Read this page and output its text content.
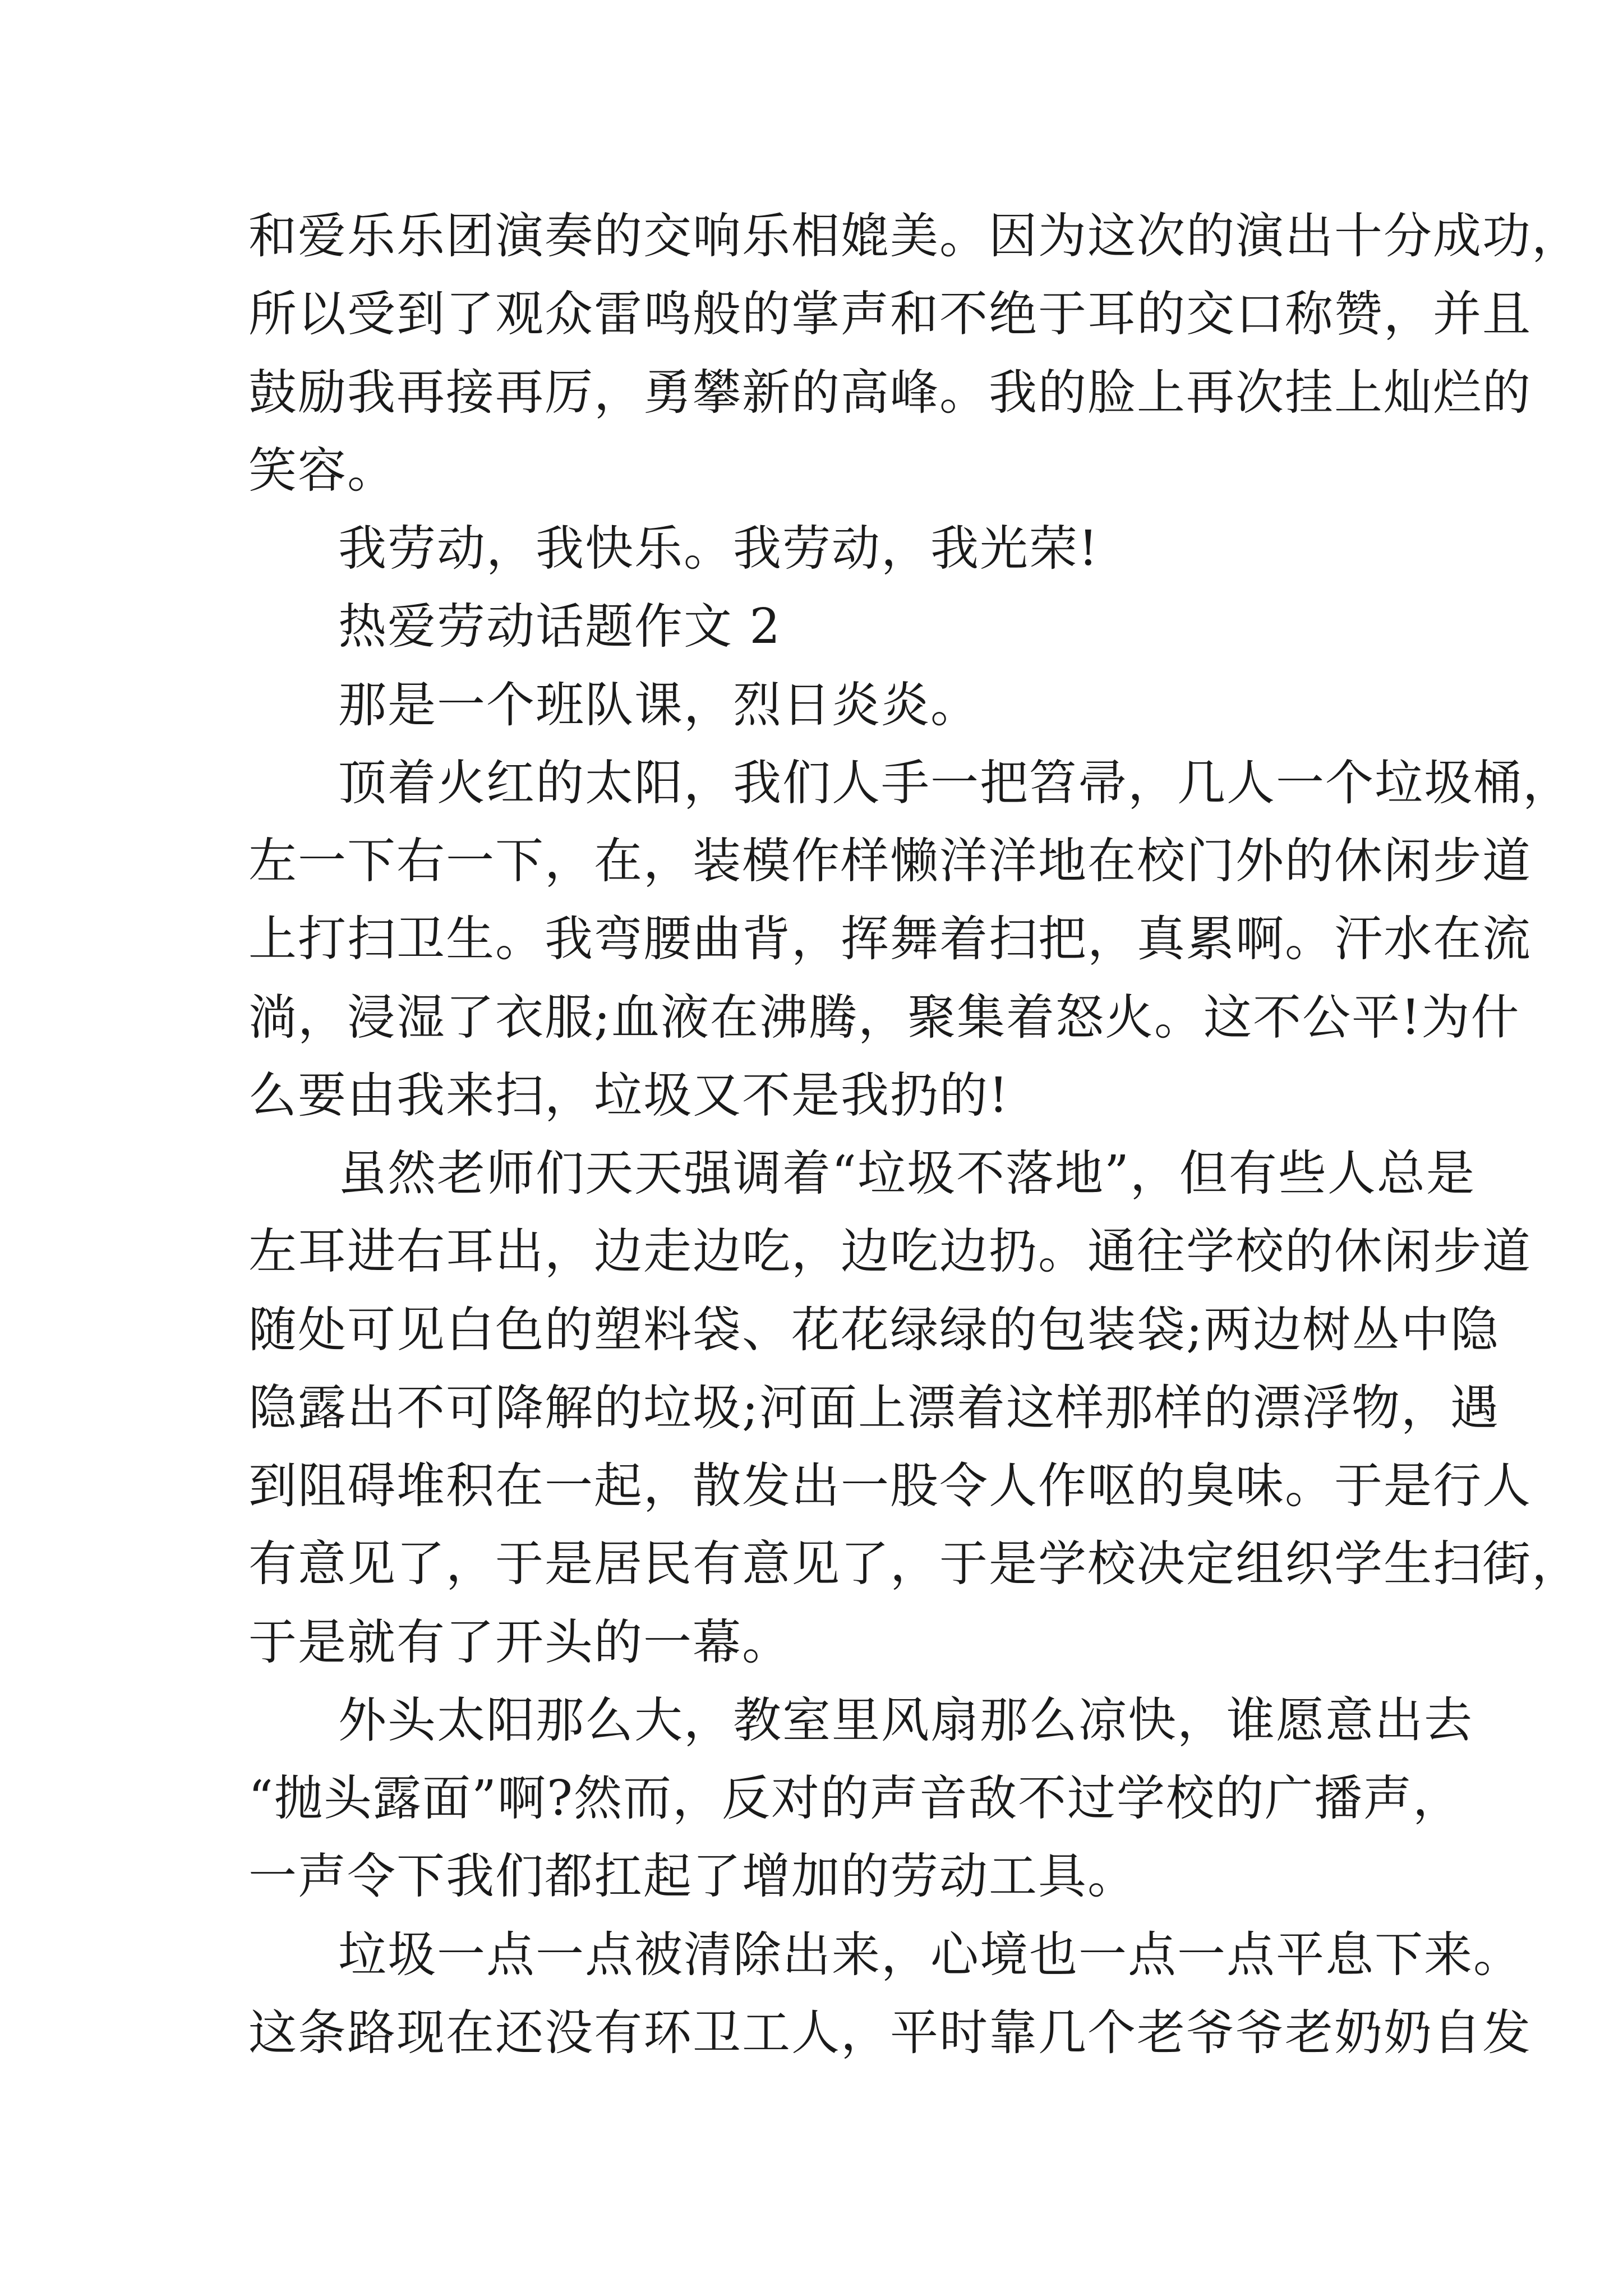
和爱乐乐团演奏的交响乐相媲美。因为这次的演出十分成功，

所以受到了观众雷鸣般的掌声和不绝于耳的交口称赞，并且

鼓励我再接再厉，勇攀新的高峰。我的脸上再次挂上灿烂的

笑容。

我劳动，我快乐。我劳动，我光荣!

热爱劳动话题作文 2

那是一个班队课，烈日炎炎。

顶着火红的太阳，我们人手一把笤帚，几人一个垃圾桶，

左一下右一下，在，装模作样懒洋洋地在校门外的休闲步道

上打扫卫生。我弯腰曲背，挥舞着扫把，真累啊。汗水在流

淌，浸湿了衣服;血液在沸腾，聚集着怒火。这不公平!为什

么要由我来扫，垃圾又不是我扔的!

虽然老师们天天强调着“垃圾不落地”，但有些人总是

左耳进右耳出，边走边吃，边吃边扔。通往学校的休闲步道

随处可见白色的塑料袋、花花绿绿的包装袋;两边树丛中隐

隐露出不可降解的垃圾;河面上漂着这样那样的漂浮物，遇

到阻碍堆积在一起，散发出一股令人作呕的臭味。于是行人

有意见了，于是居民有意见了，于是学校决定组织学生扫街，

于是就有了开头的一幕。

外头太阳那么大，教室里风扇那么凉快，谁愿意出去

“抛头露面”啊?然而，反对的声音敌不过学校的广播声，

一声令下我们都扛起了增加的劳动工具。

垃圾一点一点被清除出来，心境也一点一点平息下来。

这条路现在还没有环卫工人，平时靠几个老爷爷老奶奶自发
